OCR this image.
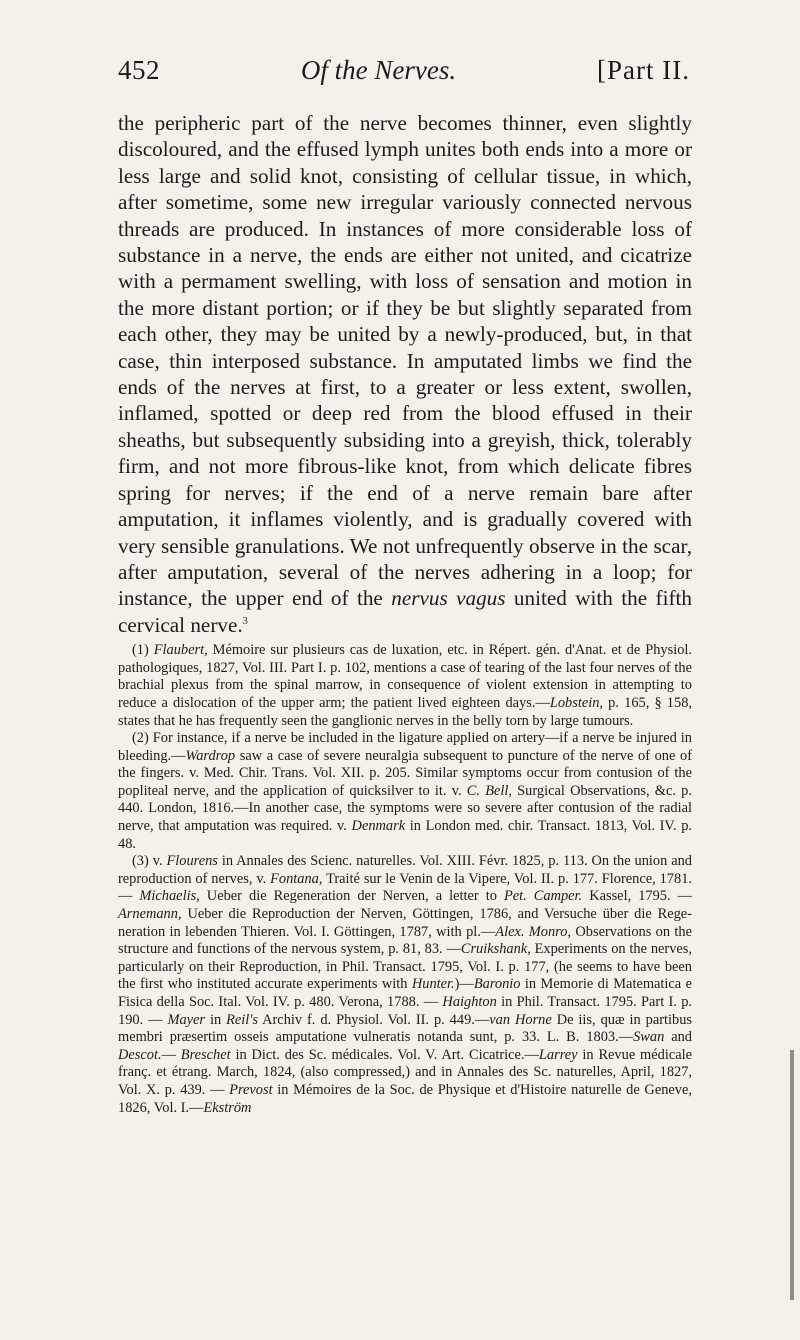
452	Of the Nerves.	[Part II.

the peripheric part of the nerve becomes thinner, even slightly discoloured, and the effused lymph unites both ends into a more or less large and solid knot, consisting of cellular tissue, in which, after sometime, some new irregular variously connected nervous threads are produced. In instances of more considerable loss of substance in a nerve, the ends are either not united, and cicatrize with a permament swelling, with loss of sensation and motion in the more distant portion; or if they be but slightly separated from each other, they may be united by a newly-produced, but, in that case, thin interposed substance. In amputated limbs we find the ends of the nerves at first, to a greater or less extent, swollen, inflamed, spotted or deep red from the blood effused in their sheaths, but subsequently subsiding into a greyish, thick, tolerably firm, and not more fibrous-like knot, from which delicate fibres spring for nerves; if the end of a nerve remain bare after amputation, it inflames violently, and is gradually covered with very sensible granulations. We not unfrequently observe in the scar, after amputation, several of the nerves adhering in a loop; for instance, the upper end of the nervus vagus united with the fifth cervical nerve.$^3$

(1) Flaubert, Mémoire sur plusieurs cas de luxation, etc. in Répert. gén. d'Anat. et de Physiol. pathologiques, 1827, Vol. III. Part I. p. 102, mentions a case of tearing of the last four nerves of the brachial plexus from the spinal marrow, in consequence of violent extension in attempting to reduce a dislocation of the upper arm; the patient lived eighteen days.—Lobstein, p. 165, § 158, states that he has frequently seen the ganglionic nerves in the belly torn by large tumours.

(2) For instance, if a nerve be included in the ligature applied on artery—if a nerve be injured in bleeding.—Wardrop saw a case of severe neuralgia subsequent to puncture of the nerve of one of the fingers. v. Med. Chir. Trans. Vol. XII. p. 205. Similar symptoms occur from contusion of the popliteal nerve, and the application of quicksilver to it. v. C. Bell, Surgical Observations, &c. p. 440. London, 1816.—In another case, the symptoms were so severe after contusion of the radial nerve, that amputation was required. v. Denmark in London med. chir. Transact. 1813, Vol. IV. p. 48.

(3) v. Flourens in Annales des Scienc. naturelles. Vol. XIII. Févr. 1825, p. 113. On the union and reproduction of nerves, v. Fontana, Traité sur le Venin de la Vipere, Vol. II. p. 177. Florence, 1781. — Michaelis, Ueber die Regeneration der Nerven, a letter to Pet. Camper. Kassel, 1795. — Arnemann, Ueber die Reproduction der Nerven, Göttingen, 1786, and Versuche über die Regeneration in lebenden Thieren. Vol. I. Göttingen, 1787, with pl.—Alex. Monro, Observations on the structure and functions of the nervous system, p. 81, 83. —Cruikshank, Experiments on the nerves, particularly on their Reproduction, in Phil. Transact. 1795, Vol. I. p. 177, (he seems to have been the first who instituted accurate experiments with Hunter.)—Baronio in Memorie di Matematica e Fisica della Soc. Ital. Vol. IV. p. 480. Verona, 1788. — Haighton in Phil. Transact. 1795. Part I. p. 190. — Mayer in Reil's Archiv f. d. Physiol. Vol. II. p. 449.—van Horne De iis, quæ in partibus membri præsertim osseis amputatione vulneratis notanda sunt, p. 33. L. B. 1803.—Swan and Descot.— Breschet in Dict. des Sc. médicales. Vol. V. Art. Cicatrice.—Larrey in Revue médicale franç. et étrang. March, 1824, (also compressed,) and in Annales des Sc. naturelles, April, 1827, Vol. X. p. 439. — Prevost in Mémoires de la Soc. de Physique et d'Histoire naturelle de Geneve, 1826, Vol. I.—Ekström
